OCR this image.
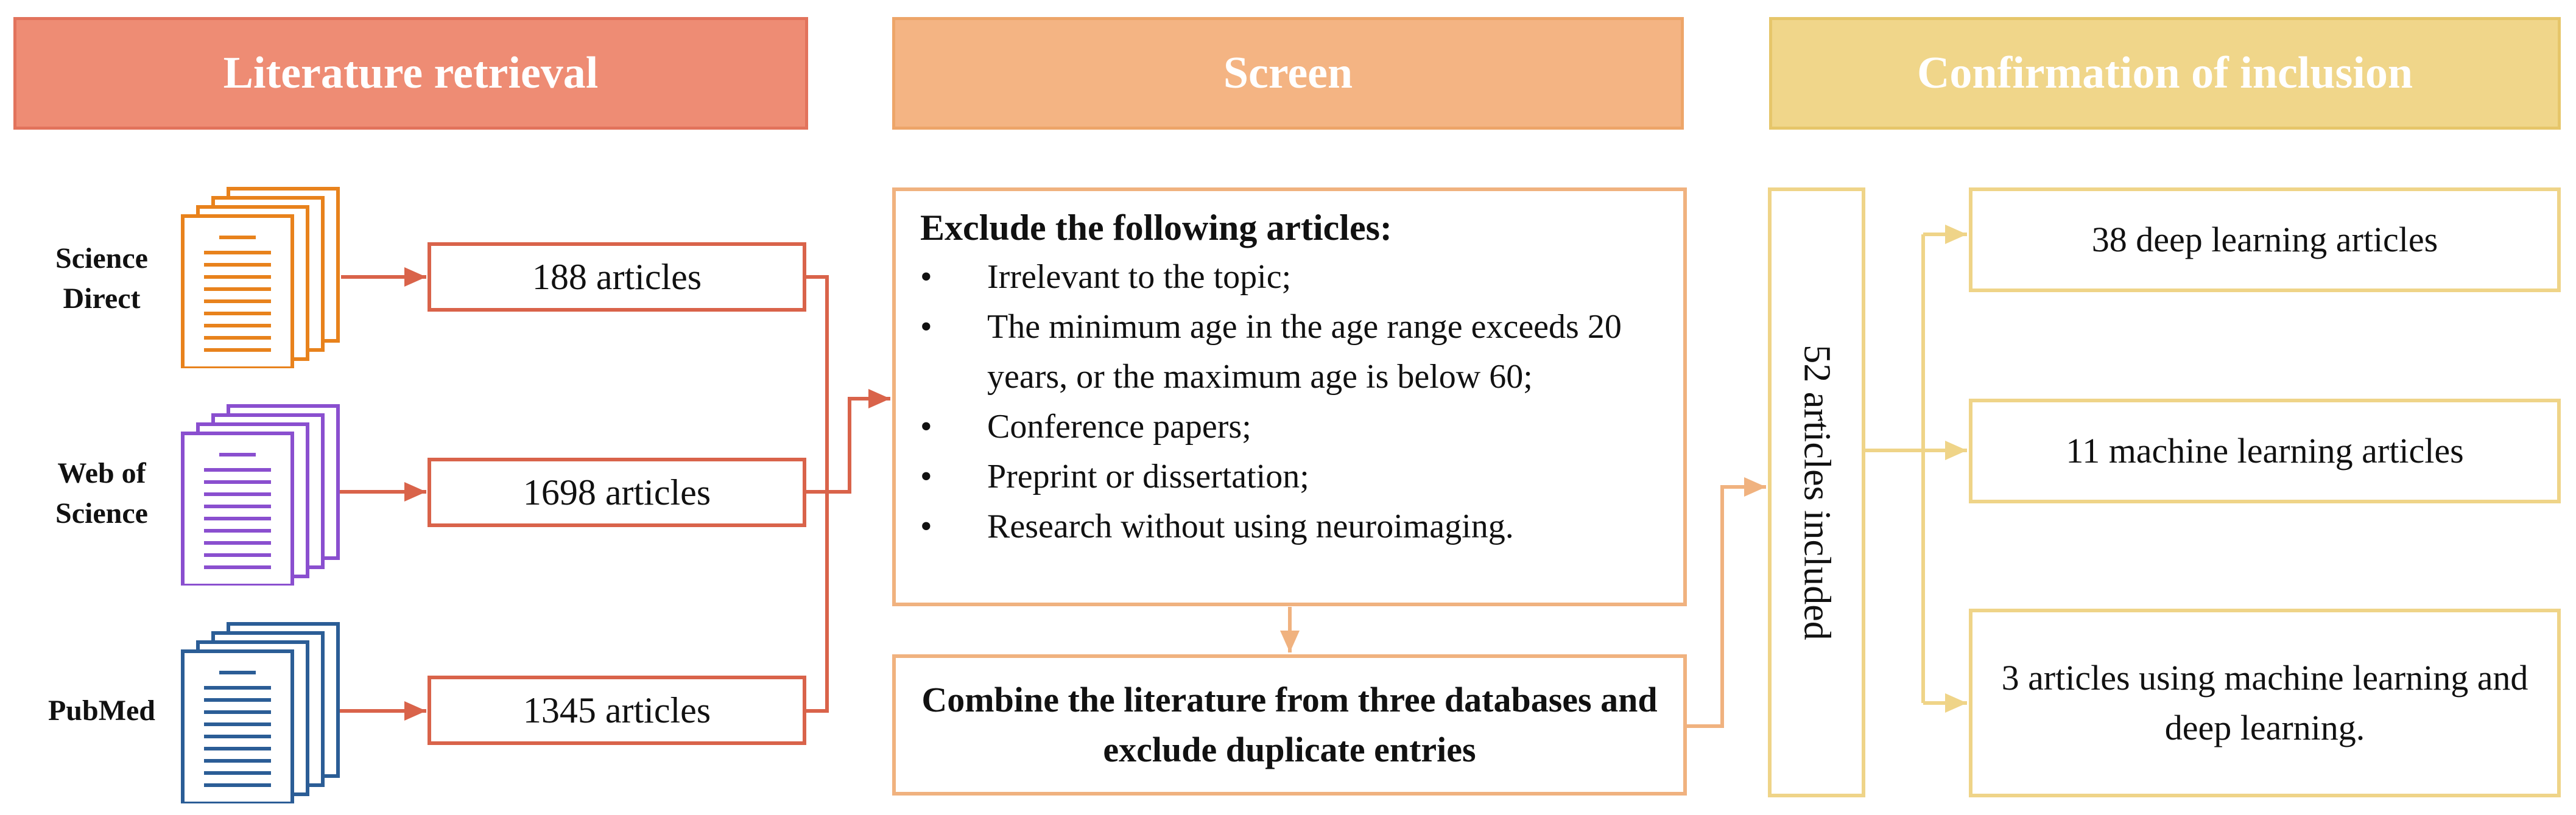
Literature retrieval	Screen	Confirmation of inclusion
Science
Direct
Web of
Science
PubMed
188 articles
1698 articles
1345 articles
Exclude the following articles:
• Irrelevant to the topic;
• The minimum age in the age range exceeds 20 years, or the maximum age is below 60;
• Conference papers;
• Preprint or dissertation;
• Research without using neuroimaging.
Combine the literature from three databases and exclude duplicate entries
52 articles included
38 deep learning articles
11 machine learning articles
3 articles using machine learning and deep learning.
